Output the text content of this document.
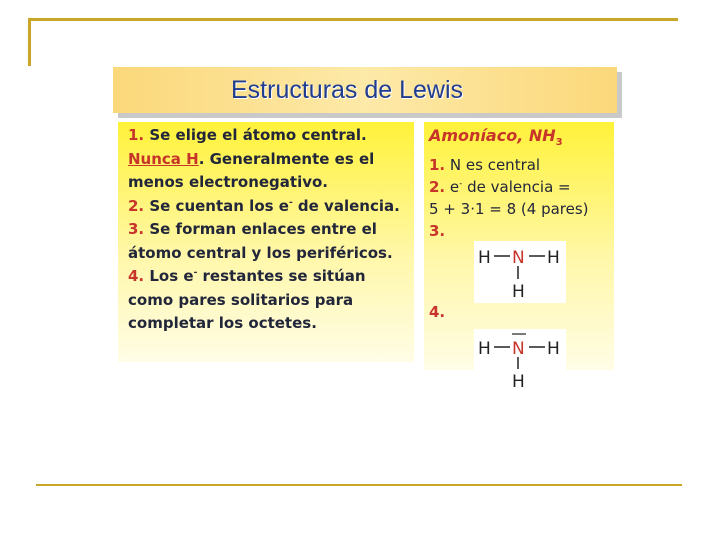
Estructuras de Lewis
1. Se elige el átomo central. Nunca H. Generalmente es el menos electronegativo.
2. Se cuentan los e- de valencia.
3. Se forman enlaces entre el átomo central y los periféricos.
4. Los e- restantes se sitúan como pares solitarios para completar los octetes.
Amoníaco, $NH_3$
1. N es central
2. e- de valencia =
5 + 3·1 = 8 (4 pares)
3.
4.
H N H
H
H N H
H
